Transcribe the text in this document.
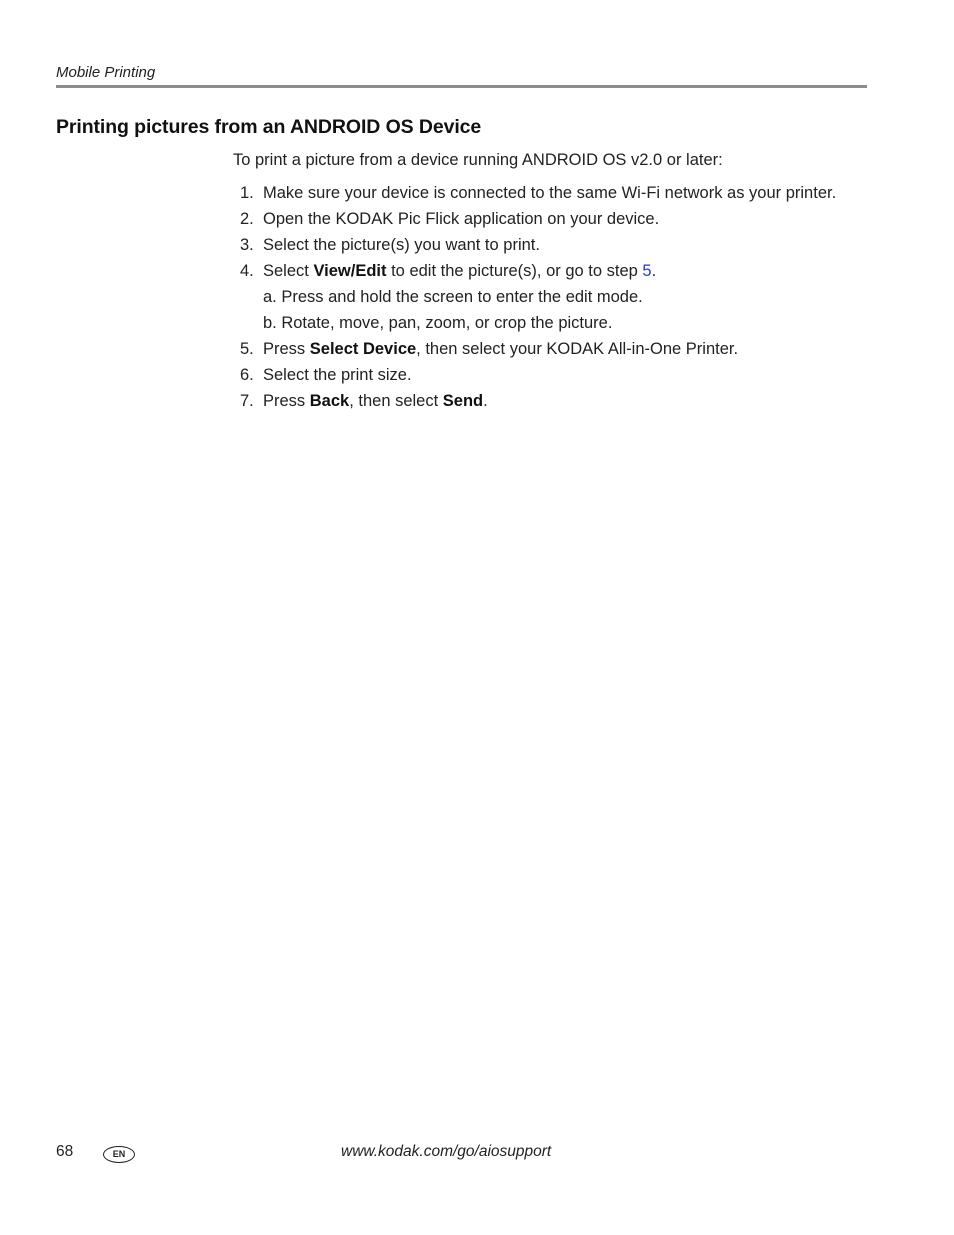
Mobile Printing
Printing pictures from an ANDROID OS Device
To print a picture from a device running ANDROID OS v2.0 or later:
1. Make sure your device is connected to the same Wi-Fi network as your printer.
2. Open the KODAK Pic Flick application on your device.
3. Select the picture(s) you want to print.
4. Select View/Edit to edit the picture(s), or go to step 5.
a. Press and hold the screen to enter the edit mode.
b. Rotate, move, pan, zoom, or crop the picture.
5. Press Select Device, then select your KODAK All-in-One Printer.
6. Select the print size.
7. Press Back, then select Send.
68	EN	www.kodak.com/go/aiosupport
